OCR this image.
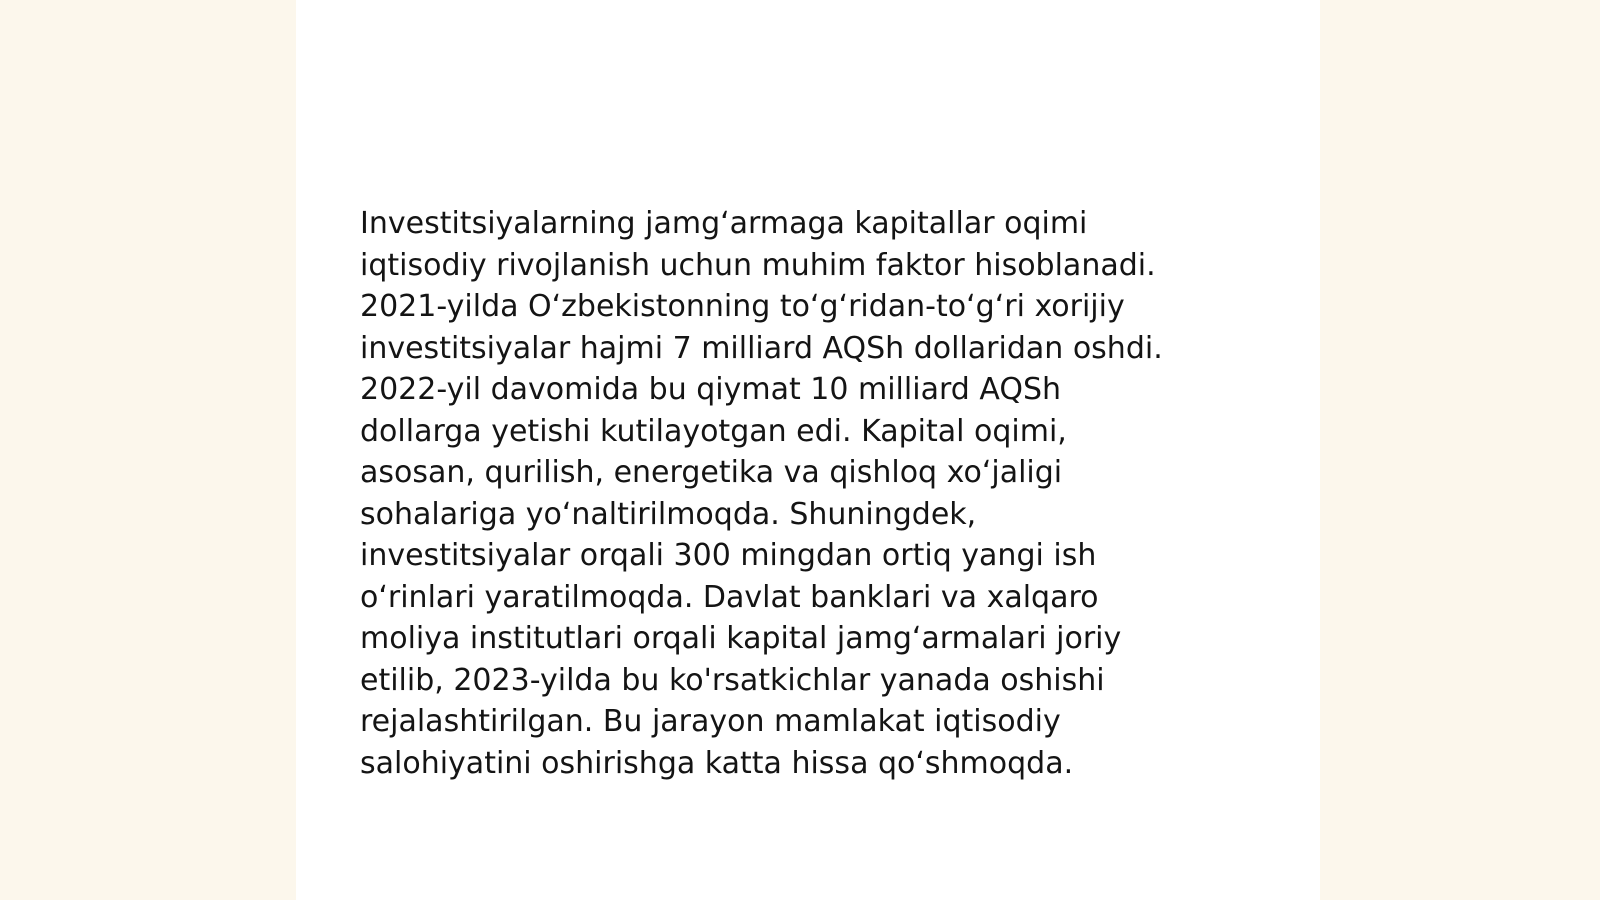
Investitsiyalarning jamg‘armaga kapitallar oqimi
iqtisodiy rivojlanish uchun muhim faktor hisoblanadi.
2021-yilda O‘zbekistonning to‘g‘ridan-to‘g‘ri xorijiy
investitsiyalar hajmi 7 milliard AQSh dollaridan oshdi.
2022-yil davomida bu qiymat 10 milliard AQSh
dollarga yetishi kutilayotgan edi. Kapital oqimi,
asosan, qurilish, energetika va qishloq xo‘jaligi
sohalariga yo‘naltirilmoqda. Shuningdek,
investitsiyalar orqali 300 mingdan ortiq yangi ish
o‘rinlari yaratilmoqda. Davlat banklari va xalqaro
moliya institutlari orqali kapital jamg‘armalari joriy
etilib, 2023-yilda bu ko'rsatkichlar yanada oshishi
rejalashtirilgan. Bu jarayon mamlakat iqtisodiy
salohiyatini oshirishga katta hissa qo‘shmoqda.
